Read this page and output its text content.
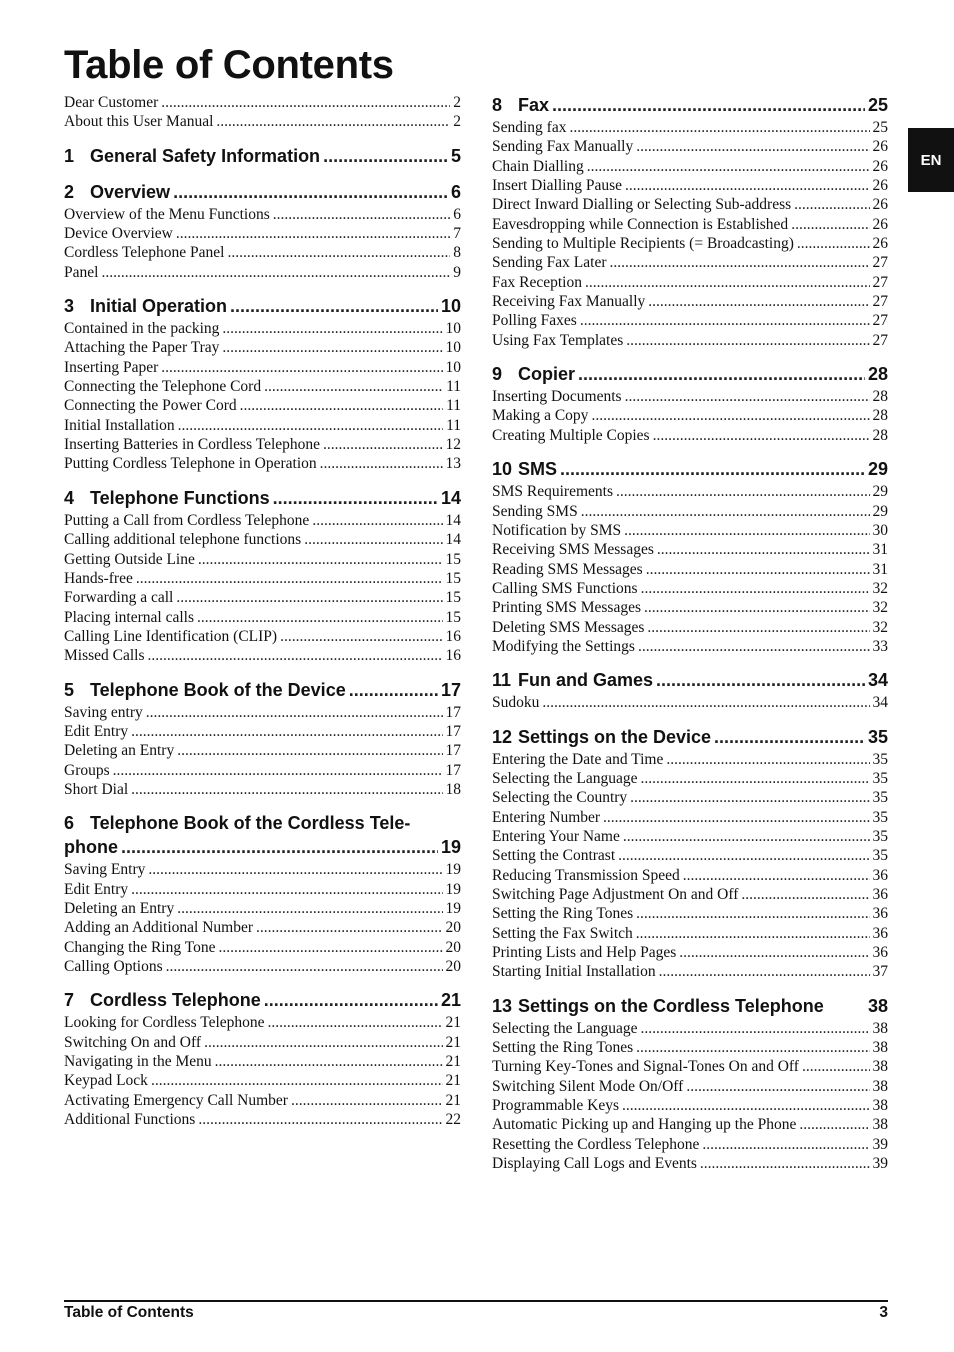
Table of Contents
Dear Customer .....	2
About this User Manual .....	2
1 General Safety Information .....	5
2 Overview .....	6
Overview of the Menu Functions .....	6
Device Overview .....	7
Cordless Telephone Panel .....	8
Panel .....	9
3 Initial Operation .....	10
Contained in the packing .....	10
Attaching the Paper Tray .....	10
Inserting Paper .....	10
Connecting the Telephone Cord .....	11
Connecting the Power Cord .....	11
Initial Installation .....	11
Inserting Batteries in Cordless Telephone .....	12
Putting Cordless Telephone in Operation .....	13
4 Telephone Functions .....	14
Putting a Call from Cordless Telephone .....	14
Calling additional telephone functions .....	14
Getting Outside Line .....	15
Hands-free .....	15
Forwarding a call .....	15
Placing internal calls .....	15
Calling Line Identification (CLIP) .....	16
Missed Calls .....	16
5 Telephone Book of the Device .....	17
Saving entry .....	17
Edit Entry .....	17
Deleting an Entry .....	17
Groups .....	17
Short Dial .....	18
6 Telephone Book of the Cordless Tele-
phone .....	19
Saving Entry .....	19
Edit Entry .....	19
Deleting an Entry .....	19
Adding an Additional Number .....	20
Changing the Ring Tone .....	20
Calling Options .....	20
7 Cordless Telephone .....	21
Looking for Cordless Telephone .....	21
Switching On and Off .....	21
Navigating in the Menu .....	21
Keypad Lock .....	21
Activating Emergency Call Number .....	21
Additional Functions .....	22
8 Fax .....	25
Sending fax .....	25
Sending Fax Manually .....	26
Chain Dialling .....	26
Insert Dialling Pause .....	26
Direct Inward Dialling or Selecting Sub-address .....	26
Eavesdropping while Connection is Established .....	26
Sending to Multiple Recipients (= Broadcasting) .....	26
Sending Fax Later .....	27
Fax Reception .....	27
Receiving Fax Manually .....	27
Polling Faxes .....	27
Using Fax Templates .....	27
9 Copier .....	28
Inserting Documents .....	28
Making a Copy .....	28
Creating Multiple Copies .....	28
10 SMS .....	29
SMS Requirements .....	29
Sending SMS .....	29
Notification by SMS .....	30
Receiving SMS Messages .....	31
Reading SMS Messages .....	31
Calling SMS Functions .....	32
Printing SMS Messages .....	32
Deleting SMS Messages .....	32
Modifying the Settings .....	33
11 Fun and Games .....	34
Sudoku .....	34
12 Settings on the Device .....	35
Entering the Date and Time .....	35
Selecting the Language .....	35
Selecting the Country .....	35
Entering Number .....	35
Entering Your Name .....	35
Setting the Contrast .....	35
Reducing Transmission Speed .....	36
Switching Page Adjustment On and Off .....	36
Setting the Ring Tones .....	36
Setting the Fax Switch .....	36
Printing Lists and Help Pages .....	36
Starting Initial Installation .....	37
13 Settings on the Cordless Telephone 38
Selecting the Language .....	38
Setting the Ring Tones .....	38
Turning Key-Tones and Signal-Tones On and Off .....	38
Switching Silent Mode On/Off .....	38
Programmable Keys .....	38
Automatic Picking up and Hanging up the Phone .....	38
Resetting the Cordless Telephone .....	39
Displaying Call Logs and Events .....	39
EN
Table of Contents	3
